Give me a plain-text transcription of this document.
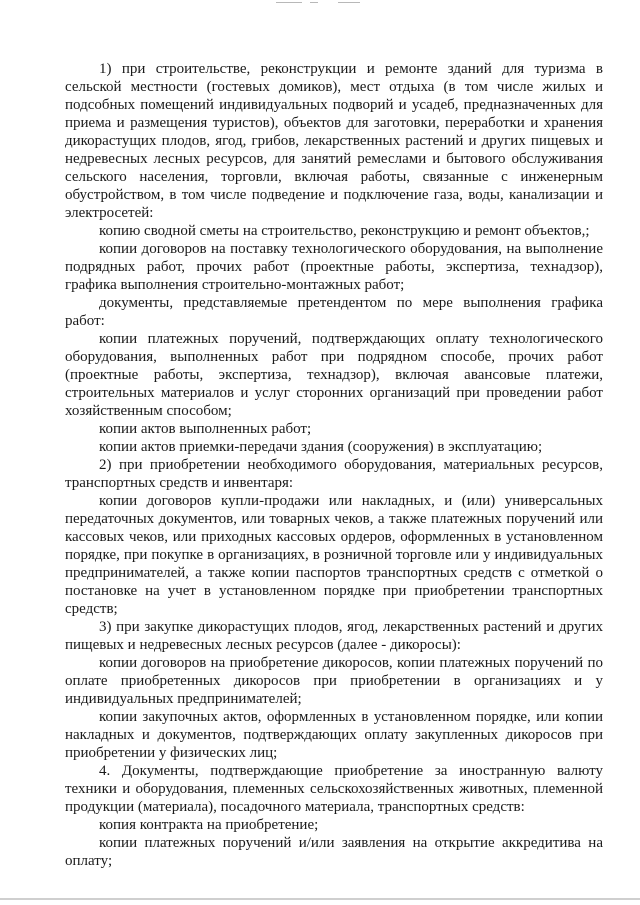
1) при строительстве, реконструкции и ремонте зданий для туризма в сельской местности (гостевых домиков), мест отдыха (в том числе жилых и подсобных помещений индивидуальных подворий и усадеб, предназначенных для приема и размещения туристов), объектов для заготовки, переработки и хранения дикорастущих плодов, ягод, грибов, лекарственных растений и других пищевых и недревесных лесных ресурсов, для занятий ремеслами и бытового обслуживания сельского населения, торговли, включая работы, связанные с инженерным обустройством, в том числе подведение и подключение газа, воды, канализации и электросетей:

копию сводной сметы на строительство, реконструкцию и ремонт объектов,;

копии договоров на поставку технологического оборудования, на выполнение подрядных работ, прочих работ (проектные работы, экспертиза, технадзор), графика выполнения строительно-монтажных работ;

документы, представляемые претендентом по мере выполнения графика работ:

копии платежных поручений, подтверждающих оплату технологического оборудования, выполненных работ при подрядном способе, прочих работ (проектные работы, экспертиза, технадзор), включая авансовые платежи, строительных материалов и услуг сторонних организаций при проведении работ хозяйственным способом;

копии актов выполненных работ;

копии актов приемки-передачи здания (сооружения) в эксплуатацию;

2) при приобретении необходимого оборудования, материальных ресурсов, транспортных средств и инвентаря:

копии договоров купли-продажи или накладных, и (или) универсальных передаточных документов, или товарных чеков, а также платежных поручений или кассовых чеков, или приходных кассовых ордеров, оформленных в установленном порядке, при покупке в организациях, в розничной торговле или у индивидуальных предпринимателей, а также копии паспортов транспортных средств с отметкой о постановке на учет в установленном порядке при приобретении транспортных средств;

3) при закупке дикорастущих плодов, ягод, лекарственных растений и других пищевых и недревесных лесных ресурсов (далее - дикоросы):

копии договоров на приобретение дикоросов, копии платежных поручений по оплате приобретенных дикоросов при приобретении в организациях и у индивидуальных предпринимателей;

копии закупочных актов, оформленных в установленном порядке, или копии накладных и документов, подтверждающих оплату закупленных дикоросов при приобретении у физических лиц;

4. Документы, подтверждающие приобретение за иностранную валюту техники и оборудования, племенных сельскохозяйственных животных, племенной продукции (материала), посадочного материала, транспортных средств:

копия контракта на приобретение;

копии платежных поручений и/или заявления на открытие аккредитива на оплату;
